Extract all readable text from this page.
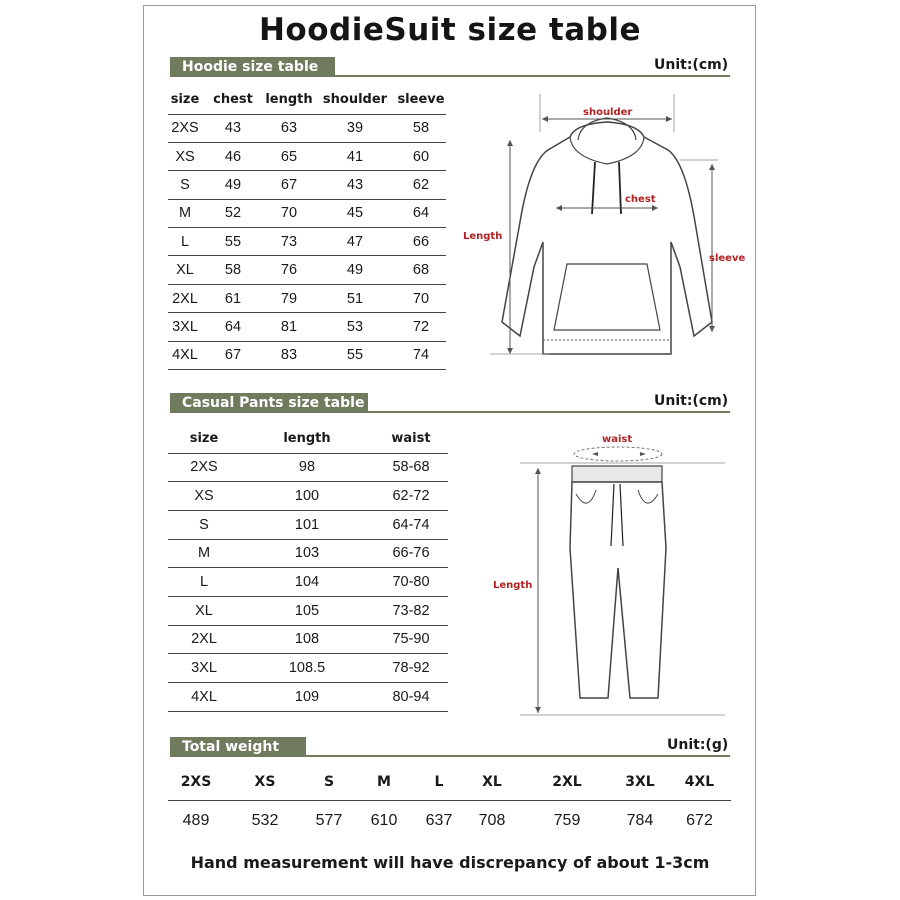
HoodieSuit size table
Hoodie size table	Unit:(cm)
size	chest	length	shoulder	sleeve
2XS	43	63	39	58
XS	46	65	41	60
S	49	67	43	62
M	52	70	45	64
L	55	73	47	66
XL	58	76	49	68
2XL	61	79	51	70
3XL	64	81	53	72
4XL	67	83	55	74
shoulder
chest
Length
sleeve
Casual Pants size table	Unit:(cm)
size	length	waist
2XS	98	58-68
XS	100	62-72
S	101	64-74
M	103	66-76
L	104	70-80
XL	105	73-82
2XL	108	75-90
3XL	108.5	78-92
4XL	109	80-94
waist
Length
Total weight	Unit:(g)
2XS	XS	S	M	L	XL	2XL	3XL	4XL
489	532	577	610	637	708	759	784	672
Hand measurement will have discrepancy of about 1-3cm
